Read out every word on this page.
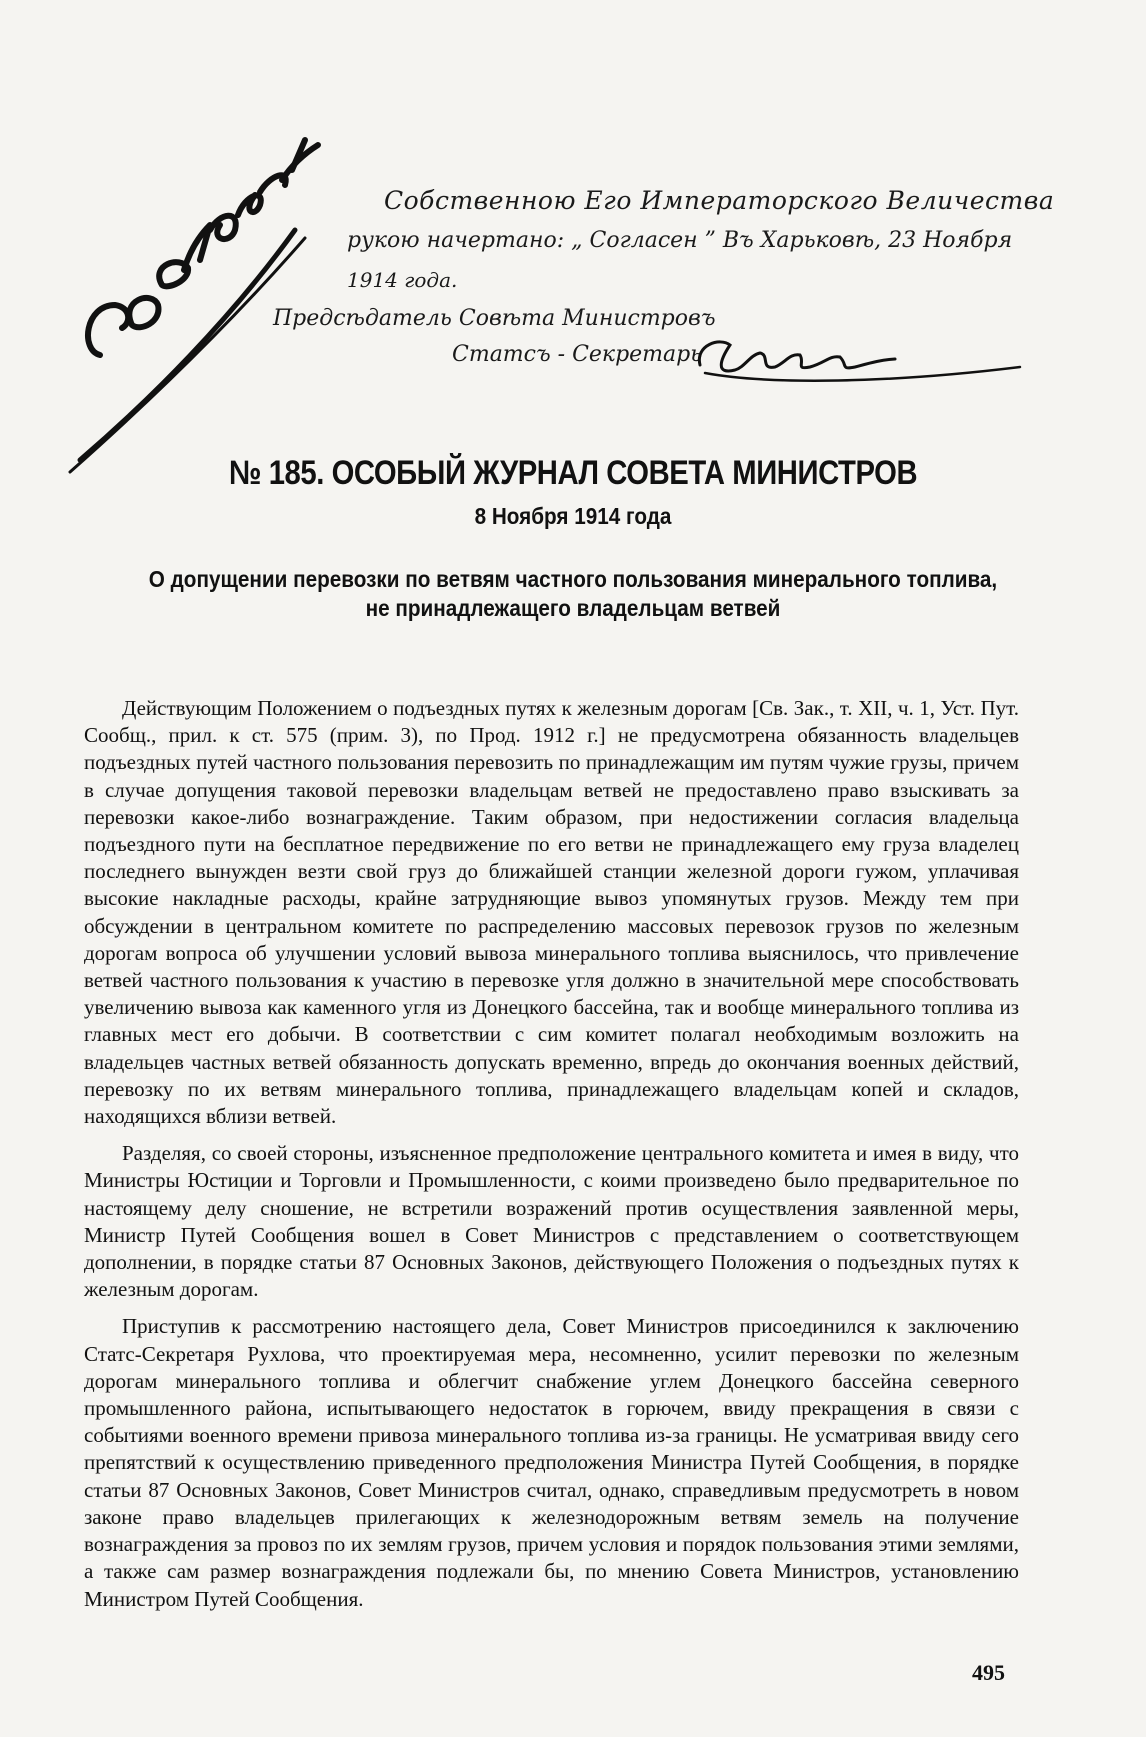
Собственною Его Императорского Величества
рукою начертано: „ Согласен ” Въ Харьковѣ, 23 Ноября
1914 года.
Предсѣдатель Совѣта Министровъ
Статсъ - Секретарь
№ 185. ОСОБЫЙ ЖУРНАЛ СОВЕТА МИНИСТРОВ
8 Ноября 1914 года
О допущении перевозки по ветвям частного пользования минерального топлива,
не принадлежащего владельцам ветвей

Действующим Положением о подъездных путях к железным дорогам [Св. Зак., т. XII, ч. 1, Уст. Пут. Сообщ., прил. к ст. 575 (прим. 3), по Прод. 1912 г.] не предусмотрена обязанность владельцев подъездных путей частного пользования перевозить по принадлежащим им путям чужие грузы, причем в случае допущения таковой перевозки владельцам ветвей не предоставлено право взыскивать за перевозки какое-либо вознаграждение. Таким образом, при недостижении согласия владельца подъездного пути на бесплатное передвижение по его ветви не принадлежащего ему груза владелец последнего вынужден везти свой груз до ближайшей станции железной дороги гужом, уплачивая высокие накладные расходы, крайне затрудняющие вывоз упомянутых грузов. Между тем при обсуждении в центральном комитете по распределению массовых перевозок грузов по железным дорогам вопроса об улучшении условий вывоза минерального топлива выяснилось, что привлечение ветвей частного пользования к участию в перевозке угля должно в значительной мере способствовать увеличению вывоза как каменного угля из Донецкого бассейна, так и вообще минерального топлива из главных мест его добычи. В соответствии с сим комитет полагал необходимым возложить на владельцев частных ветвей обязанность допускать временно, впредь до окончания военных действий, перевозку по их ветвям минерального топлива, принадлежащего владельцам копей и складов, находящихся вблизи ветвей.

Разделяя, со своей стороны, изъясненное предположение центрального комитета и имея в виду, что Министры Юстиции и Торговли и Промышленности, с коими произведено было предварительное по настоящему делу сношение, не встретили возражений против осуществления заявленной меры, Министр Путей Сообщения вошел в Совет Министров с представлением о соответствующем дополнении, в порядке статьи 87 Основных Законов, действующего Положения о подъездных путях к железным дорогам.

Приступив к рассмотрению настоящего дела, Совет Министров присоединился к заключению Статс-Секретаря Рухлова, что проектируемая мера, несомненно, усилит перевозки по железным дорогам минерального топлива и облегчит снабжение углем Донецкого бассейна северного промышленного района, испытывающего недостаток в горючем, ввиду прекращения в связи с событиями военного времени привоза минерального топлива из-за границы. Не усматривая ввиду сего препятствий к осуществлению приведенного предположения Министра Путей Сообщения, в порядке статьи 87 Основных Законов, Совет Министров считал, однако, справедливым предусмотреть в новом законе право владельцев прилегающих к железнодорожным ветвям земель на получение вознаграждения за провоз по их землям грузов, причем условия и порядок пользования этими землями, а также сам размер вознаграждения подлежали бы, по мнению Совета Министров, установлению Министром Путей Сообщения.

495
